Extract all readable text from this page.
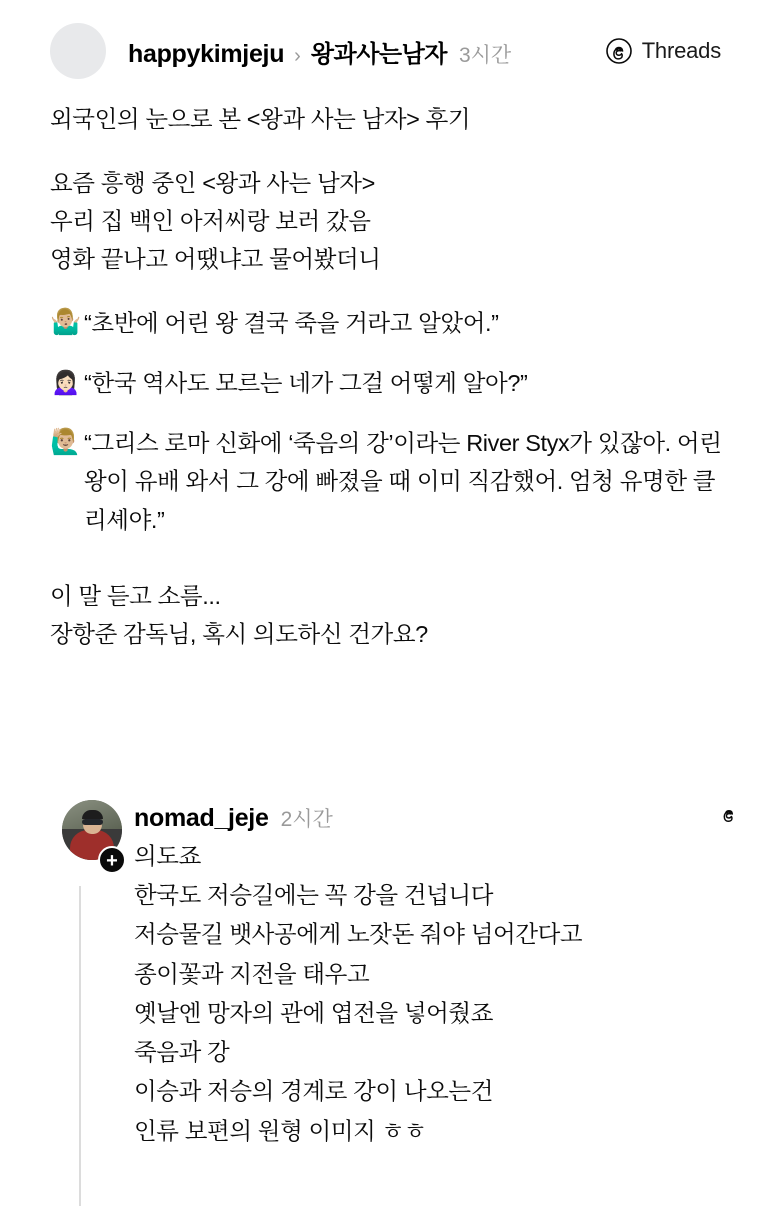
happykimjeju › 왕과사는남자 3시간	Threads

외국인의 눈으로 본 <왕과 사는 남자> 후기

요즘 흥행 중인 <왕과 사는 남자>
우리 집 백인 아저씨랑 보러 갔음
영화 끝나고 어땠냐고 물어봤더니

🤷🏼‍♂️ “초반에 어린 왕 결국 죽을 거라고 알았어.”
🙍🏻‍♀️ “한국 역사도 모르는 네가 그걸 어떻게 알아?”
🙋🏼‍♂️ “그리스 로마 신화에 ‘죽음의 강’이라는 River Styx가 있잖아. 어린 왕이 유배 와서 그 강에 빠졌을 때 이미 직감했어. 엄청 유명한 클리셰야.”

이 말 듣고 소름...
장항준 감독님, 혹시 의도하신 건가요?

+
nomad_jeje 2시간
의도죠
한국도 저승길에는 꼭 강을 건넙니다
저승물길 뱃사공에게 노잣돈 줘야 넘어간다고
종이꽃과 지전을 태우고
옛날엔 망자의 관에 엽전을 넣어줬죠
죽음과 강
이승과 저승의 경계로 강이 나오는건
인류 보편의 원형 이미지 ㅎㅎ
